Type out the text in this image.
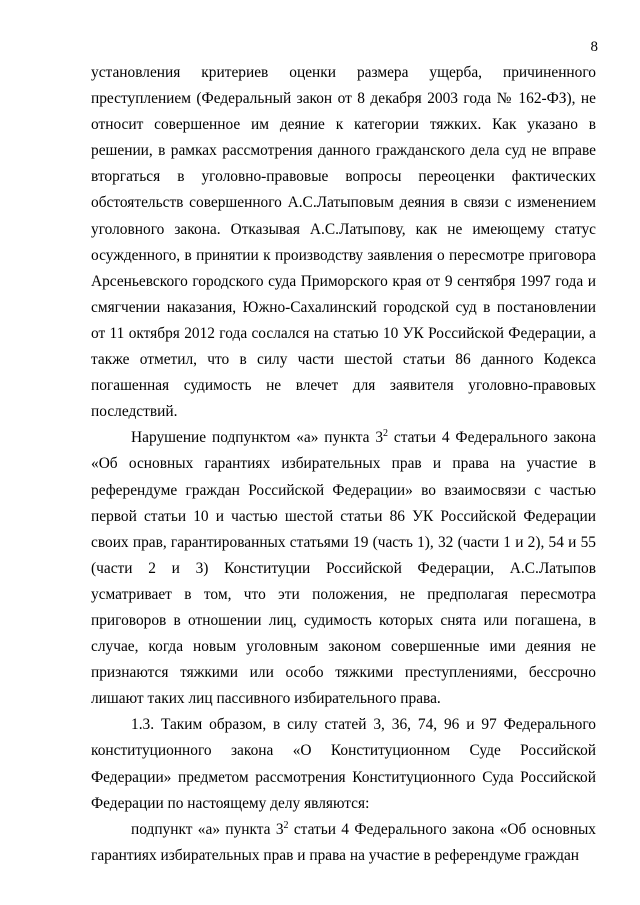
8

установления критериев оценки размера ущерба, причиненного преступлением (Федеральный закон от 8 декабря 2003 года № 162-ФЗ), не относит совершенное им деяние к категории тяжких. Как указано в решении, в рамках рассмотрения данного гражданского дела суд не вправе вторгаться в уголовно-правовые вопросы переоценки фактических обстоятельств совершенного А.С.Латыповым деяния в связи с изменением уголовного закона. Отказывая А.С.Латыпову, как не имеющему статус осужденного, в принятии к производству заявления о пересмотре приговора Арсеньевского городского суда Приморского края от 9 сентября 1997 года и смягчении наказания, Южно-Сахалинский городской суд в постановлении от 11 октября 2012 года сослался на статью 10 УК Российской Федерации, а также отметил, что в силу части шестой статьи 86 данного Кодекса погашенная судимость не влечет для заявителя уголовно-правовых последствий.

Нарушение подпунктом «а» пункта $3^2$ статьи 4 Федерального закона «Об основных гарантиях избирательных прав и права на участие в референдуме граждан Российской Федерации» во взаимосвязи с частью первой статьи 10 и частью шестой статьи 86 УК Российской Федерации своих прав, гарантированных статьями 19 (часть 1), 32 (части 1 и 2), 54 и 55 (части 2 и 3) Конституции Российской Федерации, А.С.Латыпов усматривает в том, что эти положения, не предполагая пересмотра приговоров в отношении лиц, судимость которых снята или погашена, в случае, когда новым уголовным законом совершенные ими деяния не признаются тяжкими или особо тяжкими преступлениями, бессрочно лишают таких лиц пассивного избирательного права.

1.3. Таким образом, в силу статей 3, 36, 74, 96 и 97 Федерального конституционного закона «О Конституционном Суде Российской Федерации» предметом рассмотрения Конституционного Суда Российской Федерации по настоящему делу являются:

подпункт «а» пункта $3^2$ статьи 4 Федерального закона «Об основных гарантиях избирательных прав и права на участие в референдуме граждан
